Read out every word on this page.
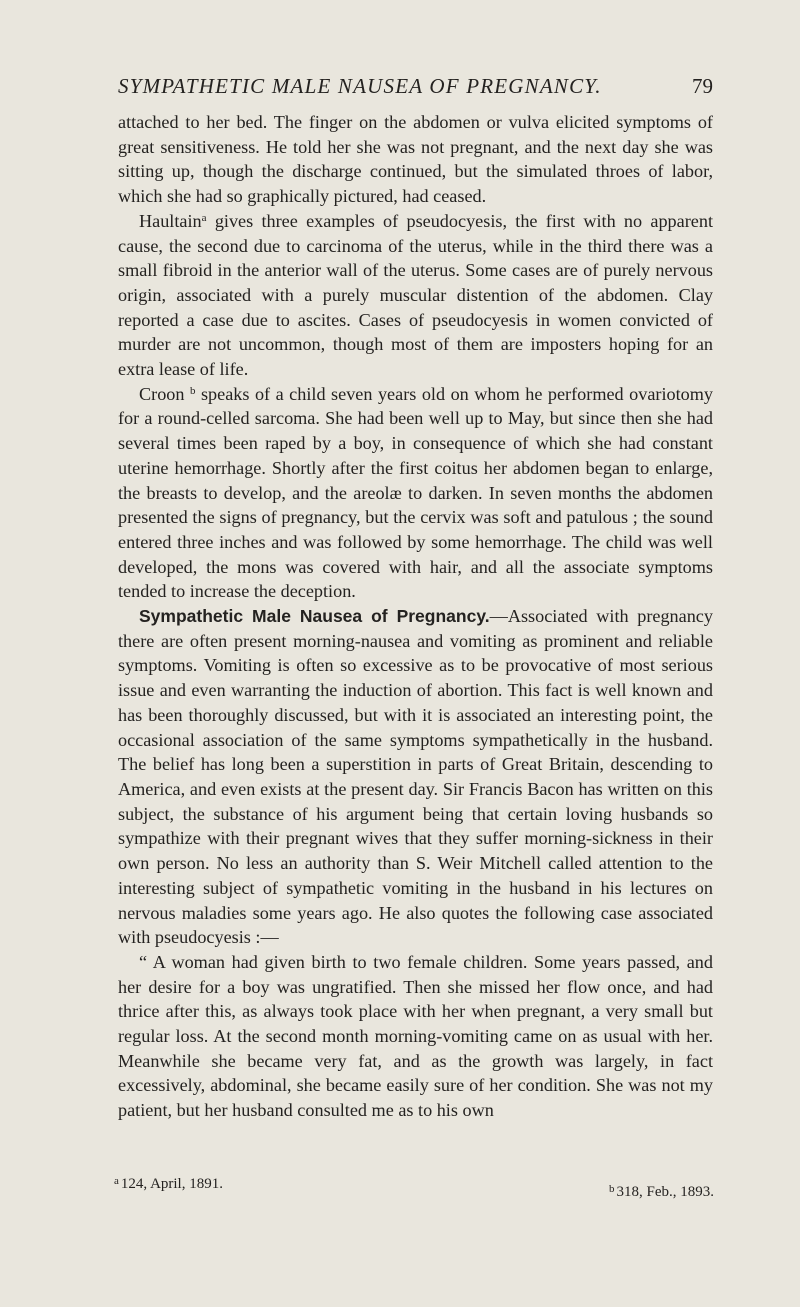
SYMPATHETIC MALE NAUSEA OF PREGNANCY.	79

attached to her bed. The finger on the abdomen or vulva elicited symptoms of great sensitiveness. He told her she was not pregnant, and the next day she was sitting up, though the discharge continued, but the simulated throes of labor, which she had so graphically pictured, had ceased.

Haultain$^a$ gives three examples of pseudocyesis, the first with no apparent cause, the second due to carcinoma of the uterus, while in the third there was a small fibroid in the anterior wall of the uterus. Some cases are of purely nervous origin, associated with a purely muscular distention of the abdomen. Clay reported a case due to ascites. Cases of pseudocyesis in women convicted of murder are not uncommon, though most of them are imposters hoping for an extra lease of life.

Croon $^b$ speaks of a child seven years old on whom he performed ovariotomy for a round-celled sarcoma. She had been well up to May, but since then she had several times been raped by a boy, in consequence of which she had constant uterine hemorrhage. Shortly after the first coitus her abdomen began to enlarge, the breasts to develop, and the areolæ to darken. In seven months the abdomen presented the signs of pregnancy, but the cervix was soft and patulous ; the sound entered three inches and was followed by some hemorrhage. The child was well developed, the mons was covered with hair, and all the associate symptoms tended to increase the deception.

Sympathetic Male Nausea of Pregnancy.—Associated with pregnancy there are often present morning-nausea and vomiting as prominent and reliable symptoms. Vomiting is often so excessive as to be provocative of most serious issue and even warranting the induction of abortion. This fact is well known and has been thoroughly discussed, but with it is associated an interesting point, the occasional association of the same symptoms sympathetically in the husband. The belief has long been a superstition in parts of Great Britain, descending to America, and even exists at the present day. Sir Francis Bacon has written on this subject, the substance of his argument being that certain loving husbands so sympathize with their pregnant wives that they suffer morning-sickness in their own person. No less an authority than S. Weir Mitchell called attention to the interesting subject of sympathetic vomiting in the husband in his lectures on nervous maladies some years ago. He also quotes the following case associated with pseudocyesis :—

“ A woman had given birth to two female children. Some years passed, and her desire for a boy was ungratified. Then she missed her flow once, and had thrice after this, as always took place with her when pregnant, a very small but regular loss. At the second month morning-vomiting came on as usual with her. Meanwhile she became very fat, and as the growth was largely, in fact excessively, abdominal, she became easily sure of her condition. She was not my patient, but her husband consulted me as to his own

$^a$ 124, April, 1891.	$^b$ 318, Feb., 1893.
